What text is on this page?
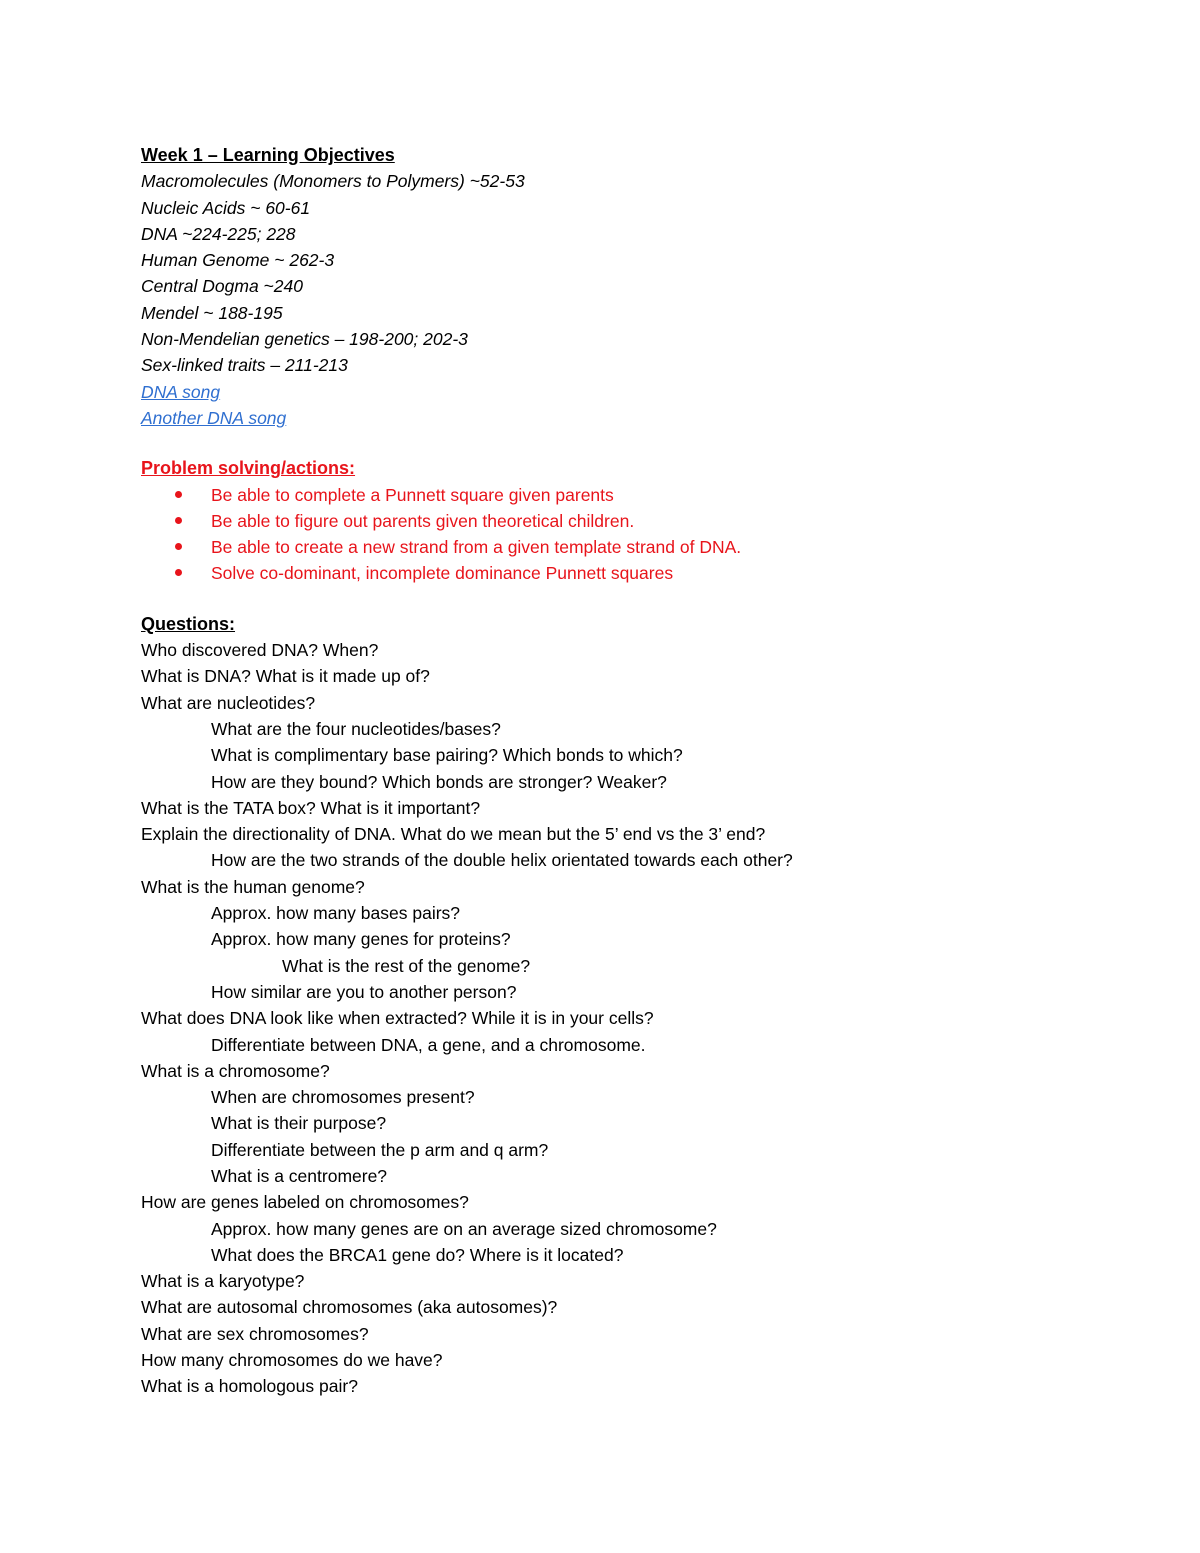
Week 1 – Learning Objectives
Macromolecules (Monomers to Polymers) ~52-53
Nucleic Acids ~ 60-61
DNA ~224-225; 228
Human Genome ~ 262-3
Central Dogma ~240
Mendel ~ 188-195
Non-Mendelian genetics – 198-200; 202-3
Sex-linked traits – 211-213
DNA song
Another DNA song
Problem solving/actions:
Be able to complete a Punnett square given parents
Be able to figure out parents given theoretical children.
Be able to create a new strand from a given template strand of DNA.
Solve co-dominant, incomplete dominance Punnett squares
Questions:
Who discovered DNA? When?
What is DNA? What is it made up of?
What are nucleotides?
What are the four nucleotides/bases?
What is complimentary base pairing? Which bonds to which?
How are they bound? Which bonds are stronger? Weaker?
What is the TATA box? What is it important?
Explain the directionality of DNA. What do we mean but the 5’ end vs the 3’ end?
How are the two strands of the double helix orientated towards each other?
What is the human genome?
Approx. how many bases pairs?
Approx. how many genes for proteins?
What is the rest of the genome?
How similar are you to another person?
What does DNA look like when extracted? While it is in your cells?
Differentiate between DNA, a gene, and a chromosome.
What is a chromosome?
When are chromosomes present?
What is their purpose?
Differentiate between the p arm and q arm?
What is a centromere?
How are genes labeled on chromosomes?
Approx. how many genes are on an average sized chromosome?
What does the BRCA1 gene do? Where is it located?
What is a karyotype?
What are autosomal chromosomes (aka autosomes)?
What are sex chromosomes?
How many chromosomes do we have?
What is a homologous pair?
